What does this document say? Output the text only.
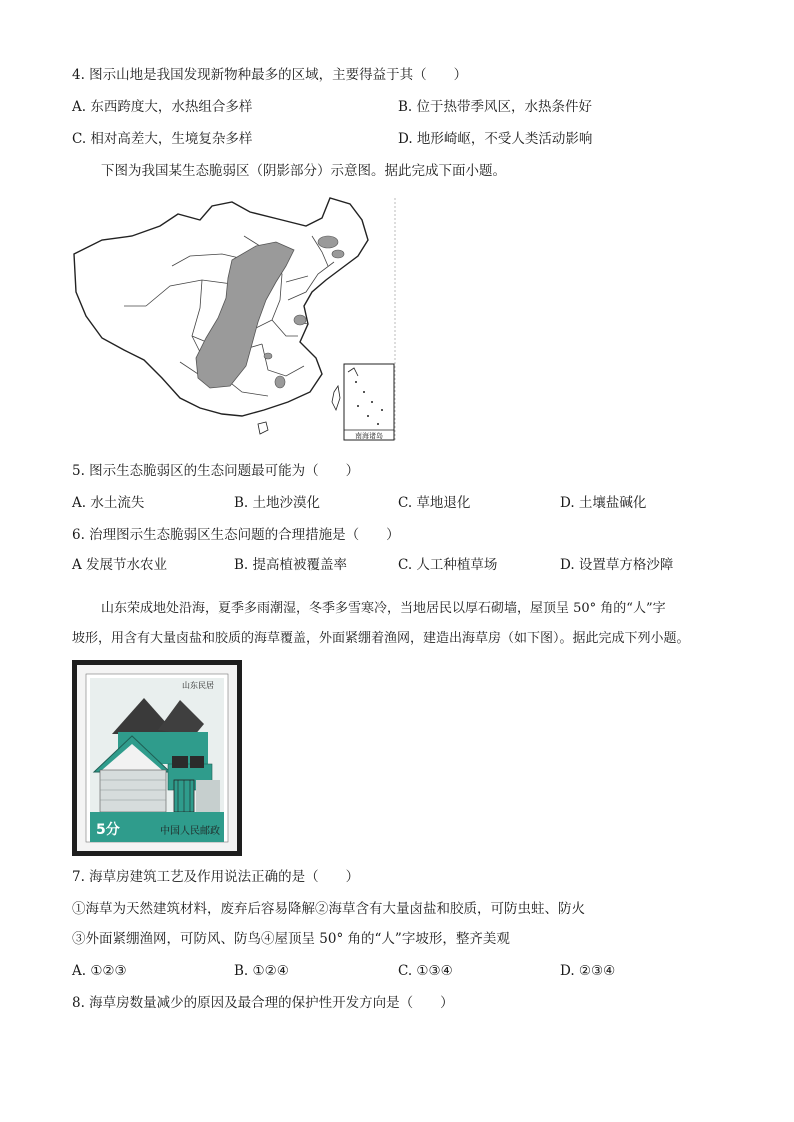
4. 图示山地是我国发现新物种最多的区域，主要得益于其（　　）
A. 东西跨度大，水热组合多样	B. 位于热带季风区，水热条件好
C. 相对高差大，生境复杂多样	D. 地形崎岖，不受人类活动影响
下图为我国某生态脆弱区（阴影部分）示意图。据此完成下面小题。
南海诸岛
5. 图示生态脆弱区的生态问题最可能为（　　）
A. 水土流失	B. 土地沙漠化	C. 草地退化	D. 土壤盐碱化
6. 治理图示生态脆弱区生态问题的合理措施是（　　）
A 发展节水农业	B. 提高植被覆盖率	C. 人工种植草场	D. 设置草方格沙障
山东荣成地处沿海，夏季多雨潮湿，冬季多雪寒冷，当地居民以厚石砌墙，屋顶呈 50° 角的“人”字
坡形，用含有大量卤盐和胶质的海草覆盖，外面紧绷着渔网，建造出海草房（如下图）。据此完成下列小题。
山东民居
5分	中国人民邮政
7. 海草房建筑工艺及作用说法正确的是（　　）
①海草为天然建筑材料，废弃后容易降解②海草含有大量卤盐和胶质，可防虫蛀、防火
③外面紧绷渔网，可防风、防鸟④屋顶呈 50° 角的“人”字坡形，整齐美观
A. ①②③	B. ①②④	C. ①③④	D. ②③④
8. 海草房数量减少的原因及最合理的保护性开发方向是（　　）
